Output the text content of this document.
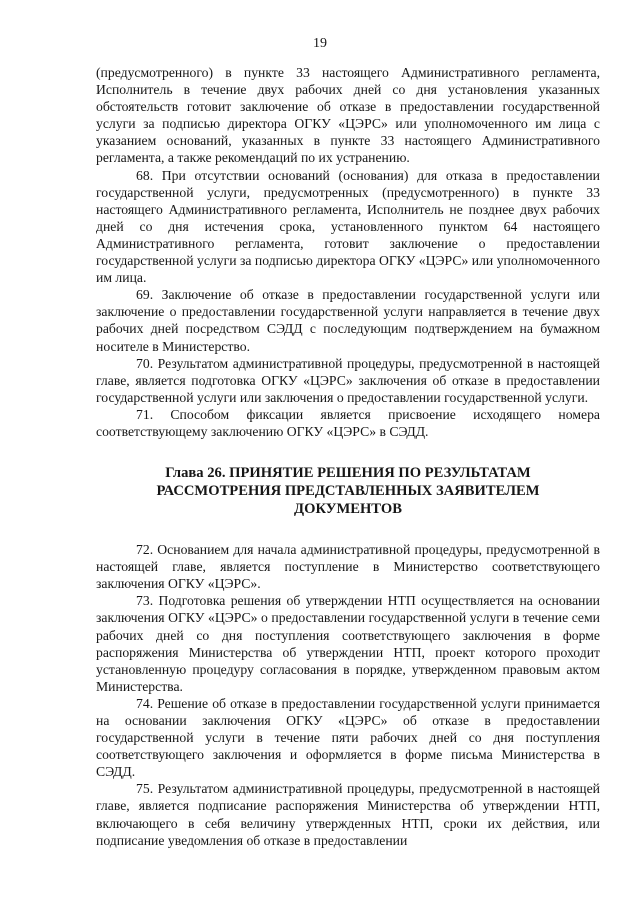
19

(предусмотренного) в пункте 33 настоящего Административного регламента, Исполнитель в течение двух рабочих дней со дня установления указанных обстоятельств готовит заключение об отказе в предоставлении государственной услуги за подписью директора ОГКУ «ЦЭРС» или уполномоченного им лица с указанием оснований, указанных в пункте 33 настоящего Административного регламента, а также рекомендаций по их устранению.

68. При отсутствии оснований (основания) для отказа в предоставлении государственной услуги, предусмотренных (предусмотренного) в пункте 33 настоящего Административного регламента, Исполнитель не позднее двух рабочих дней со дня истечения срока, установленного пунктом 64 настоящего Административного регламента, готовит заключение о предоставлении государственной услуги за подписью директора ОГКУ «ЦЭРС» или уполномоченного им лица.

69. Заключение об отказе в предоставлении государственной услуги или заключение о предоставлении государственной услуги направляется в течение двух рабочих дней посредством СЭДД с последующим подтверждением на бумажном носителе в Министерство.

70. Результатом административной процедуры, предусмотренной в настоящей главе, является подготовка ОГКУ «ЦЭРС» заключения об отказе в предоставлении государственной услуги или заключения о предоставлении государственной услуги.

71. Способом фиксации является присвоение исходящего номера соответствующему заключению ОГКУ «ЦЭРС» в СЭДД.

Глава 26. ПРИНЯТИЕ РЕШЕНИЯ ПО РЕЗУЛЬТАТАМ
РАССМОТРЕНИЯ ПРЕДСТАВЛЕННЫХ ЗАЯВИТЕЛЕМ
ДОКУМЕНТОВ

72. Основанием для начала административной процедуры, предусмотренной в настоящей главе, является поступление в Министерство соответствующего заключения ОГКУ «ЦЭРС».

73. Подготовка решения об утверждении НТП осуществляется на основании заключения ОГКУ «ЦЭРС» о предоставлении государственной услуги в течение семи рабочих дней со дня поступления соответствующего заключения в форме распоряжения Министерства об утверждении НТП, проект которого проходит установленную процедуру согласования в порядке, утвержденном правовым актом Министерства.

74. Решение об отказе в предоставлении государственной услуги принимается на основании заключения ОГКУ «ЦЭРС» об отказе в предоставлении государственной услуги в течение пяти рабочих дней со дня поступления соответствующего заключения и оформляется в форме письма Министерства в СЭДД.

75. Результатом административной процедуры, предусмотренной в настоящей главе, является подписание распоряжения Министерства об утверждении НТП, включающего в себя величину утвержденных НТП, сроки их действия, или подписание уведомления об отказе в предоставлении
